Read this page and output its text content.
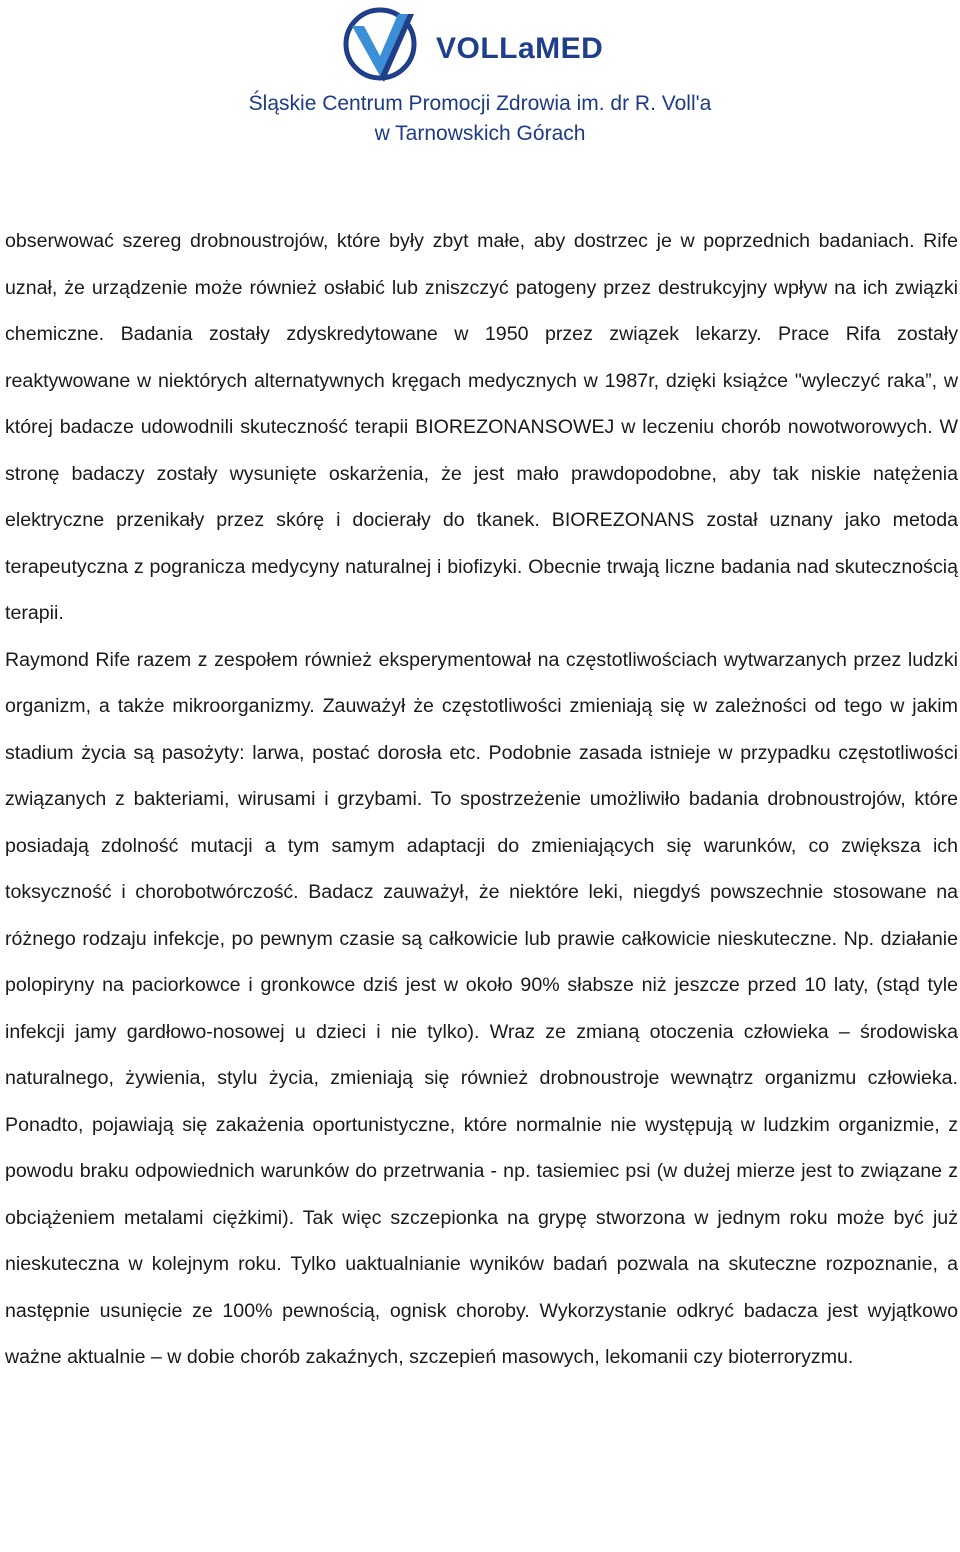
VOLLaMED
Śląskie Centrum Promocji Zdrowia im. dr R. Voll'a
w Tarnowskich Górach

obserwować szereg drobnoustrojów, które były zbyt małe, aby dostrzec je w poprzednich badaniach. Rife uznał, że urządzenie może również osłabić lub zniszczyć patogeny przez destrukcyjny wpływ na ich związki chemiczne. Badania zostały zdyskredytowane w 1950 przez związek lekarzy. Prace Rifa zostały reaktywowane w niektórych alternatywnych kręgach medycznych w 1987r, dzięki książce "wyleczyć raka”, w której badacze udowodnili skuteczność terapii BIOREZONANSOWEJ w leczeniu chorób nowotworowych. W stronę badaczy zostały wysunięte oskarżenia, że jest mało prawdopodobne, aby tak niskie natężenia elektryczne przenikały przez skórę i docierały do tkanek. BIOREZONANS został uznany jako metoda terapeutyczna z pogranicza medycyny naturalnej i biofizyki. Obecnie trwają liczne badania nad skutecznością terapii.

Raymond Rife razem z zespołem również eksperymentował na częstotliwościach wytwarzanych przez ludzki organizm, a także mikroorganizmy. Zauważył że częstotliwości zmieniają się w zależności od tego w jakim stadium życia są pasożyty: larwa, postać dorosła etc. Podobnie zasada istnieje w przypadku częstotliwości związanych z bakteriami, wirusami i grzybami. To spostrzeżenie umożliwiło badania drobnoustrojów, które posiadają zdolność mutacji a tym samym adaptacji do zmieniających się warunków, co zwiększa ich toksyczność i chorobotwórczość. Badacz zauważył, że niektóre leki, niegdyś powszechnie stosowane na różnego rodzaju infekcje, po pewnym czasie są całkowicie lub prawie całkowicie nieskuteczne. Np. działanie polopiryny na paciorkowce i gronkowce dziś jest w około 90% słabsze niż jeszcze przed 10 laty, (stąd tyle infekcji jamy gardłowo-nosowej u dzieci i nie tylko). Wraz ze zmianą otoczenia człowieka – środowiska naturalnego, żywienia, stylu życia, zmieniają się również drobnoustroje wewnątrz organizmu człowieka. Ponadto, pojawiają się zakażenia oportunistyczne, które normalnie nie występują w ludzkim organizmie, z powodu braku odpowiednich warunków do przetrwania - np. tasiemiec psi (w dużej mierze jest to związane z obciążeniem metalami ciężkimi). Tak więc szczepionka na grypę stworzona w jednym roku może być już nieskuteczna w kolejnym roku. Tylko uaktualnianie wyników badań pozwala na skuteczne rozpoznanie, a następnie usunięcie ze 100% pewnością, ognisk choroby. Wykorzystanie odkryć badacza jest wyjątkowo ważne aktualnie – w dobie chorób zakaźnych, szczepień masowych, lekomanii czy bioterroryzmu.
